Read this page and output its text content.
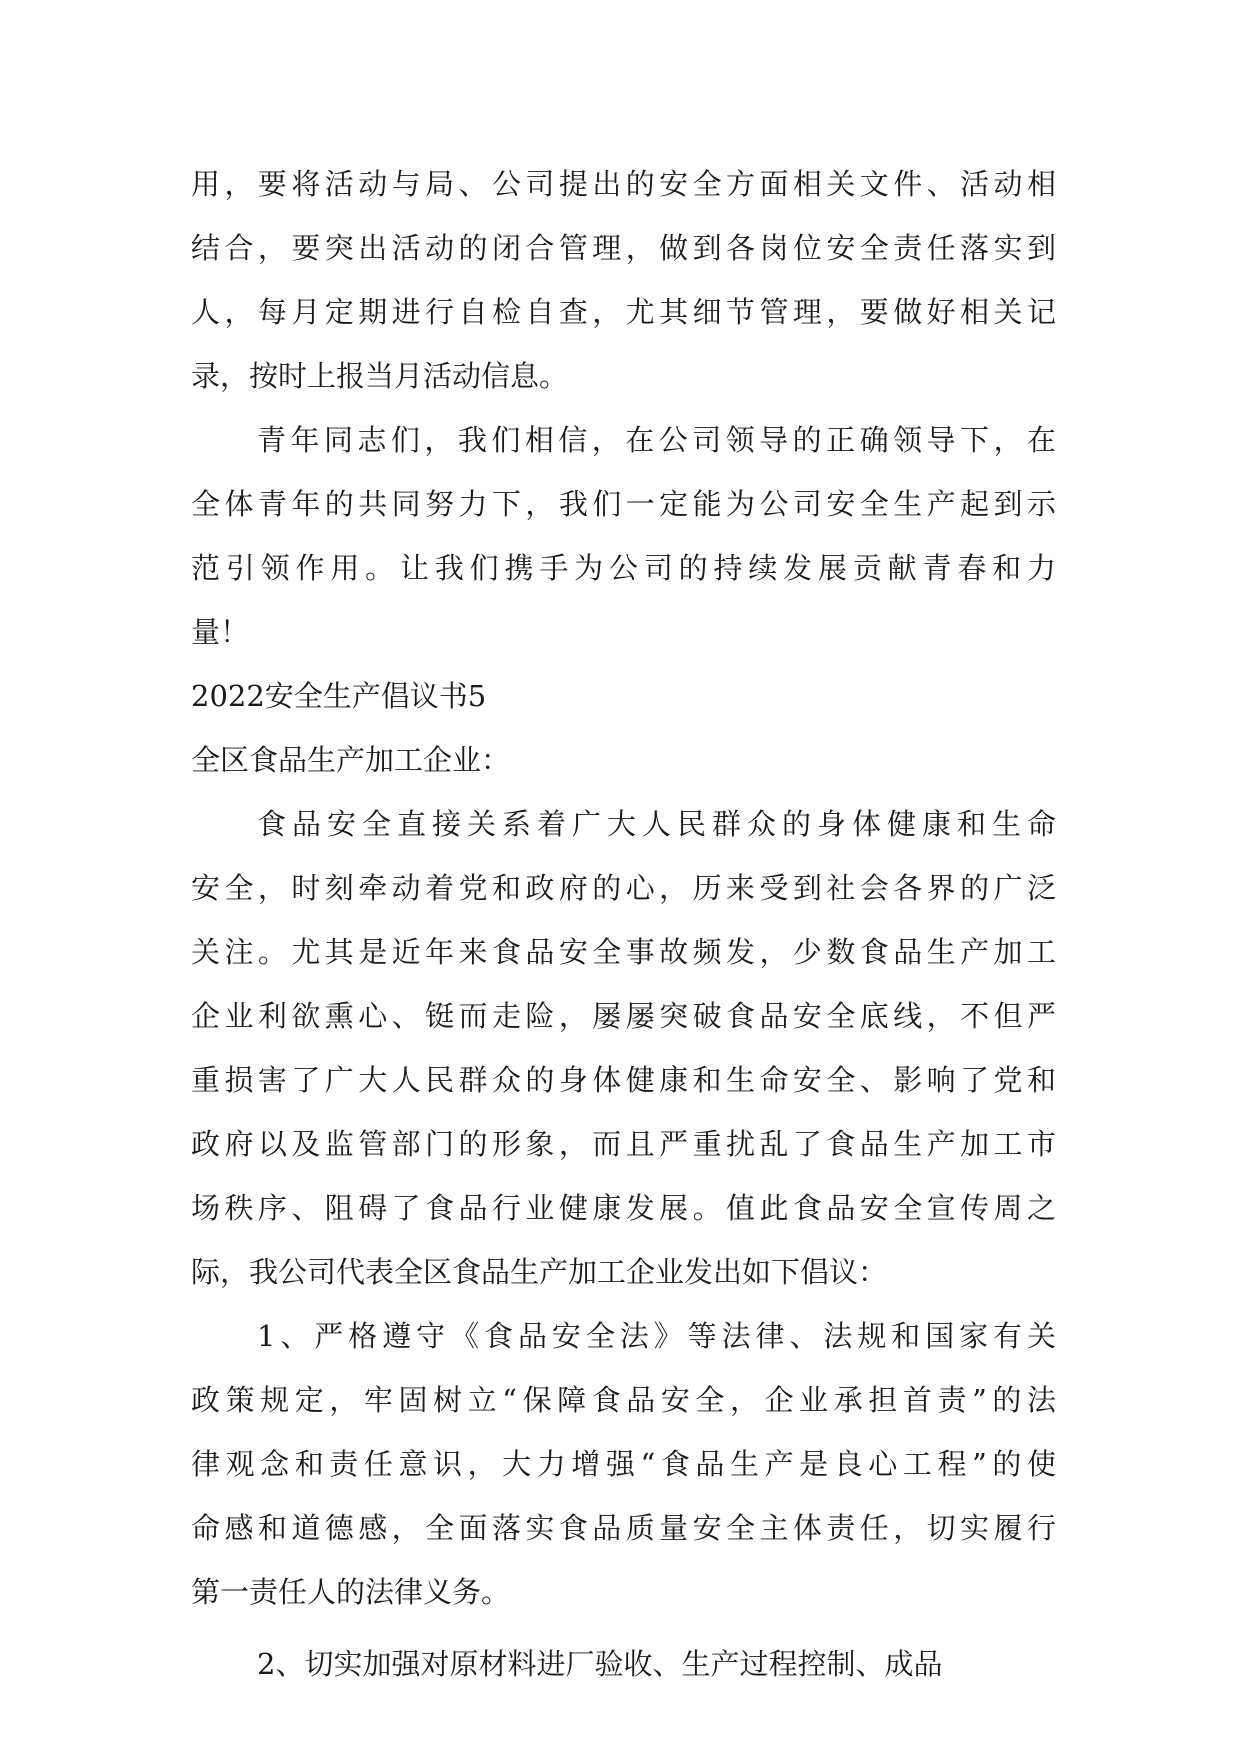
用，要将活动与局、公司提出的安全方面相关文件、活动相
结合，要突出活动的闭合管理，做到各岗位安全责任落实到
人，每月定期进行自检自查，尤其细节管理，要做好相关记
录，按时上报当月活动信息。
青年同志们，我们相信，在公司领导的正确领导下，在
全体青年的共同努力下，我们一定能为公司安全生产起到示
范引领作用。让我们携手为公司的持续发展贡献青春和力
量！
2022安全生产倡议书5
全区食品生产加工企业：
食品安全直接关系着广大人民群众的身体健康和生命
安全，时刻牵动着党和政府的心，历来受到社会各界的广泛
关注。尤其是近年来食品安全事故频发，少数食品生产加工
企业利欲熏心、铤而走险，屡屡突破食品安全底线，不但严
重损害了广大人民群众的身体健康和生命安全、影响了党和
政府以及监管部门的形象，而且严重扰乱了食品生产加工市
场秩序、阻碍了食品行业健康发展。值此食品安全宣传周之
际，我公司代表全区食品生产加工企业发出如下倡议：
1、严格遵守《食品安全法》等法律、法规和国家有关
政策规定，牢固树立“保障食品安全，企业承担首责”的法
律观念和责任意识，大力增强“食品生产是良心工程”的使
命感和道德感，全面落实食品质量安全主体责任，切实履行
第一责任人的法律义务。
2、切实加强对原材料进厂验收、生产过程控制、成品
